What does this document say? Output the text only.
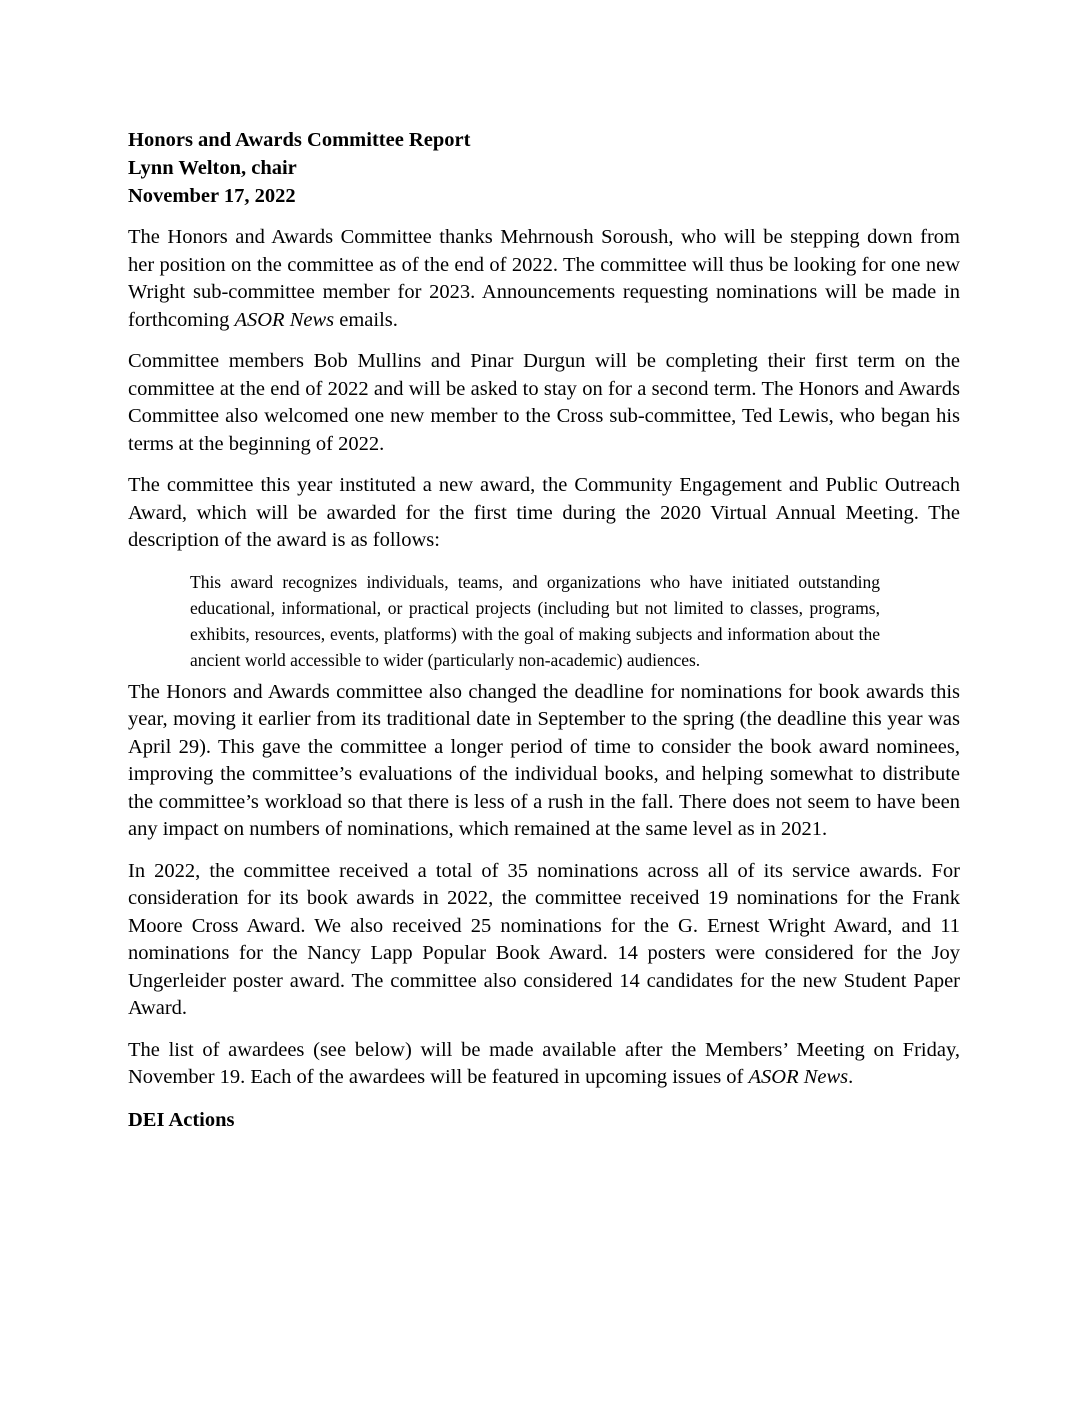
Honors and Awards Committee Report
Lynn Welton, chair
November 17, 2022

The Honors and Awards Committee thanks Mehrnoush Soroush, who will be stepping down from her position on the committee as of the end of 2022. The committee will thus be looking for one new Wright sub-committee member for 2023. Announcements requesting nominations will be made in forthcoming ASOR News emails.

Committee members Bob Mullins and Pinar Durgun will be completing their first term on the committee at the end of 2022 and will be asked to stay on for a second term. The Honors and Awards Committee also welcomed one new member to the Cross sub-committee, Ted Lewis, who began his terms at the beginning of 2022.

The committee this year instituted a new award, the Community Engagement and Public Outreach Award, which will be awarded for the first time during the 2020 Virtual Annual Meeting. The description of the award is as follows:

This award recognizes individuals, teams, and organizations who have initiated outstanding educational, informational, or practical projects (including but not limited to classes, programs, exhibits, resources, events, platforms) with the goal of making subjects and information about the ancient world accessible to wider (particularly non-academic) audiences.

The Honors and Awards committee also changed the deadline for nominations for book awards this year, moving it earlier from its traditional date in September to the spring (the deadline this year was April 29). This gave the committee a longer period of time to consider the book award nominees, improving the committee’s evaluations of the individual books, and helping somewhat to distribute the committee’s workload so that there is less of a rush in the fall. There does not seem to have been any impact on numbers of nominations, which remained at the same level as in 2021.

In 2022, the committee received a total of 35 nominations across all of its service awards. For consideration for its book awards in 2022, the committee received 19 nominations for the Frank Moore Cross Award. We also received 25 nominations for the G. Ernest Wright Award, and 11 nominations for the Nancy Lapp Popular Book Award. 14 posters were considered for the Joy Ungerleider poster award. The committee also considered 14 candidates for the new Student Paper Award.

The list of awardees (see below) will be made available after the Members’ Meeting on Friday, November 19. Each of the awardees will be featured in upcoming issues of ASOR News.

DEI Actions
